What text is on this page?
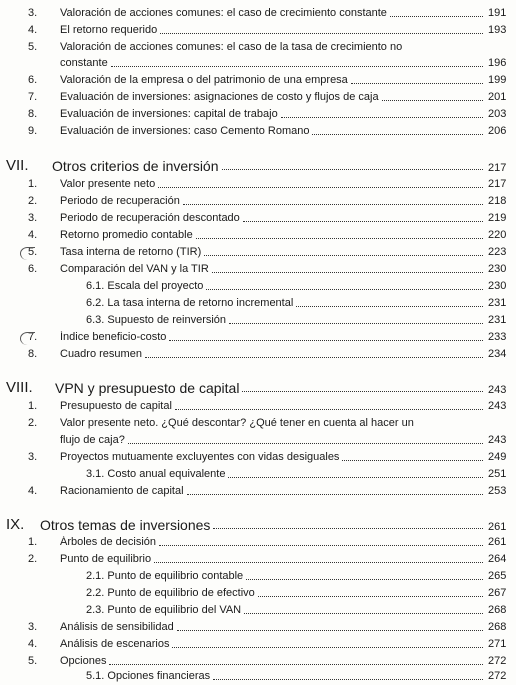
3.	Valoración de acciones comunes: el caso de crecimiento constante	191
4.	El retorno requerido	193
5.	Valoración de acciones comunes: el caso de la tasa de crecimiento no
constante	196
6.	Valoración de la empresa o del patrimonio de una empresa	199
7.	Evaluación de inversiones: asignaciones de costo y flujos de caja	201
8.	Evaluación de inversiones: capital de trabajo	203
9.	Evaluación de inversiones: caso Cemento Romano	206
VII. Otros criterios de inversión	217
1.	Valor presente neto	217
2.	Periodo de recuperación	218
3.	Periodo de recuperación descontado	219
4.	Retorno promedio contable	220
5.	Tasa interna de retorno (TIR)	223
6.	Comparación del VAN y la TIR	230
6.1. Escala del proyecto	230
6.2. La tasa interna de retorno incremental	231
6.3. Supuesto de reinversión	231
7.	Índice beneficio-costo	233
8.	Cuadro resumen	234
VIII. VPN y presupuesto de capital	243
1.	Presupuesto de capital	243
2.	Valor presente neto. ¿Qué descontar? ¿Qué tener en cuenta al hacer un
flujo de caja?	243
3.	Proyectos mutuamente excluyentes con vidas desiguales	249
3.1. Costo anual equivalente	251
4.	Racionamiento de capital	253
IX. Otros temas de inversiones	261
1.	Árboles de decisión	261
2.	Punto de equilibrio	264
2.1. Punto de equilibrio contable	265
2.2. Punto de equilibrio de efectivo	267
2.3. Punto de equilibrio del VAN	268
3.	Análisis de sensibilidad	268
4.	Análisis de escenarios	271
5.	Opciones	272
5.1. Opciones financieras	272
